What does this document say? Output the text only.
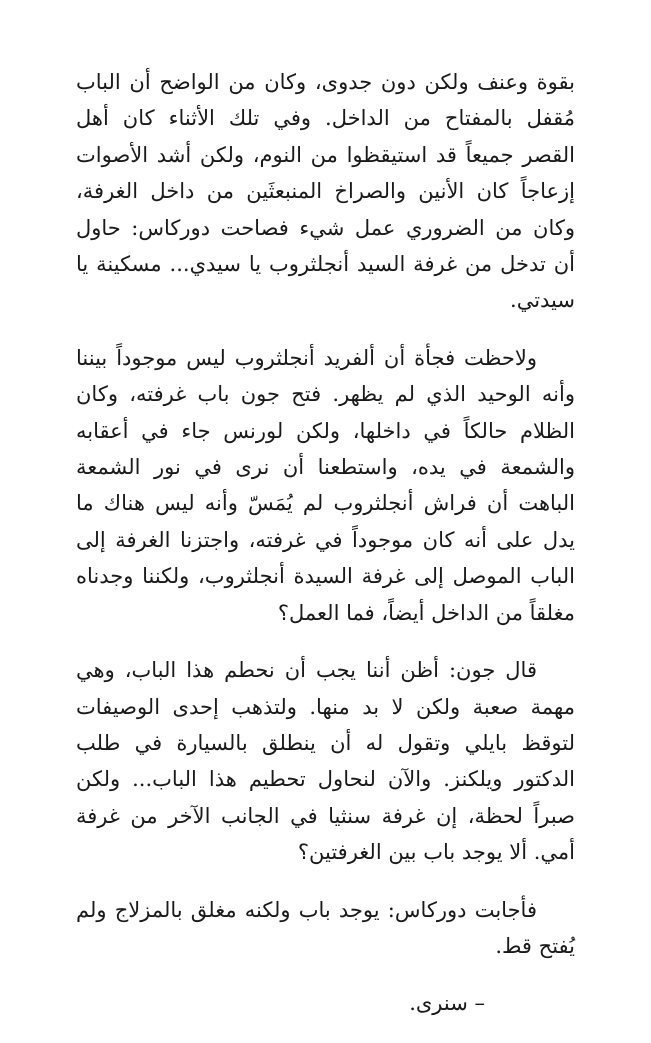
بقوة وعنف ولكن دون جدوى، وكان من الواضح أن الباب مُقفل بالمفتاح من الداخل. وفي تلك الأثناء كان أهل القصر جميعاً قد استيقظوا من النوم، ولكن أشد الأصوات إزعاجاً كان الأنين والصراخ المنبعثَين من داخل الغرفة، وكان من الضروري عمل شيء فصاحت دوركاس: حاول أن تدخل من غرفة السيد أنجلثروب يا سيدي... مسكينة يا سيدتي.

ولاحظت فجأة أن ألفريد أنجلثروب ليس موجوداً بيننا وأنه الوحيد الذي لم يظهر. فتح جون باب غرفته، وكان الظلام حالكاً في داخلها، ولكن لورنس جاء في أعقابه والشمعة في يده، واستطعنا أن نرى في نور الشمعة الباهت أن فراش أنجلثروب لم يُمَسّ وأنه ليس هناك ما يدل على أنه كان موجوداً في غرفته، واجتزنا الغرفة إلى الباب الموصل إلى غرفة السيدة أنجلثروب، ولكننا وجدناه مغلقاً من الداخل أيضاً، فما العمل؟

قال جون: أظن أننا يجب أن نحطم هذا الباب، وهي مهمة صعبة ولكن لا بد منها. ولتذهب إحدى الوصيفات لتوقظ بايلي وتقول له أن ينطلق بالسيارة في طلب الدكتور ويلكنز. والآن لنحاول تحطيم هذا الباب... ولكن صبراً لحظة، إن غرفة سنثيا في الجانب الآخر من غرفة أمي. ألا يوجد باب بين الغرفتين؟

فأجابت دوركاس: يوجد باب ولكنه مغلق بالمزلاج ولم يُفتح قط.

– سنرى.
